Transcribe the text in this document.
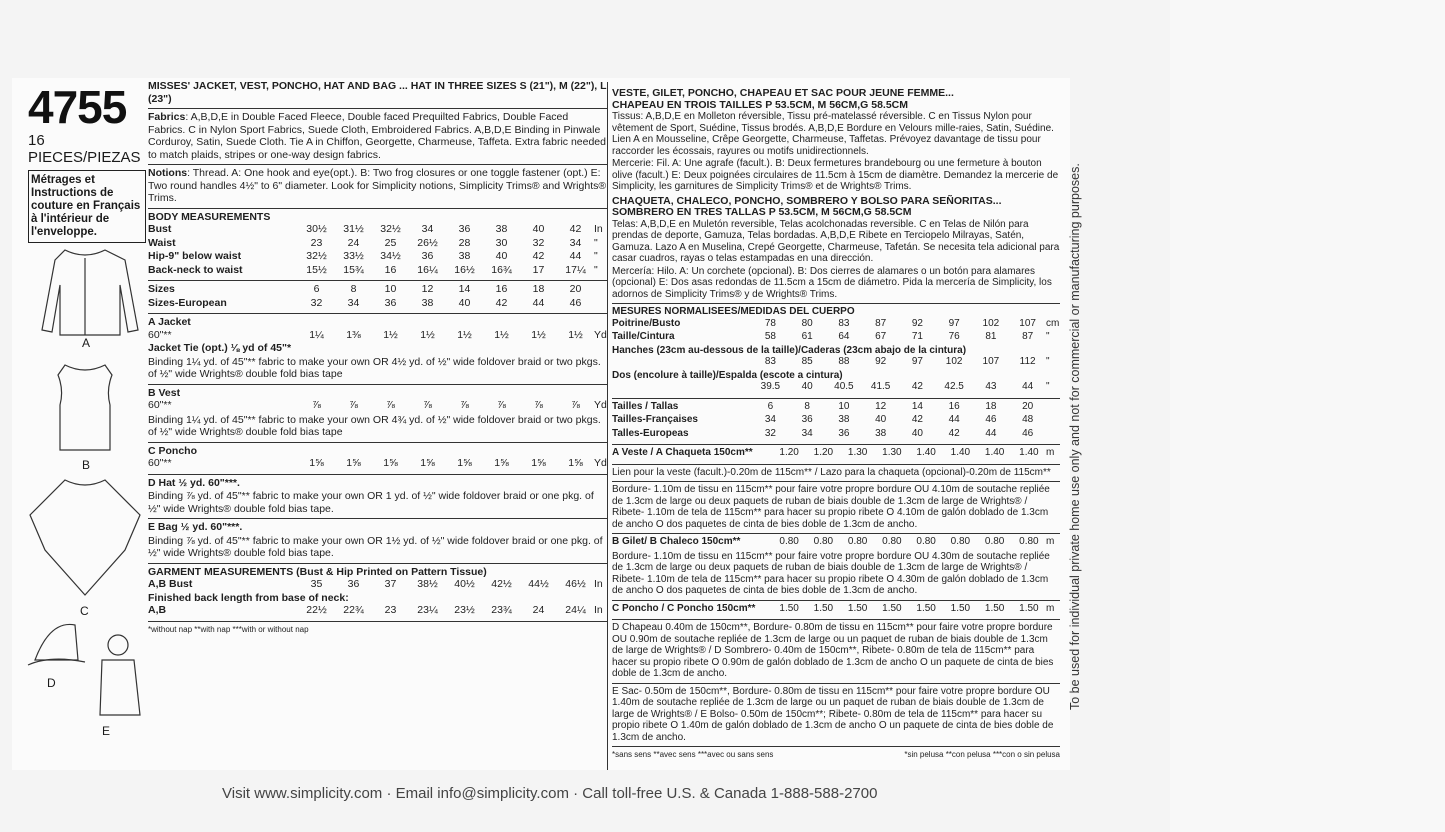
4755
16 PIECES/PIEZAS
Métrages et Instructions de couture en Français à l'intérieur de l'enveloppe.
A
B
C
D
E
MISSES' JACKET, VEST, PONCHO, HAT AND BAG ... HAT IN THREE SIZES S (21"), M (22"), L (23")
Fabrics: A,B,D,E in Double Faced Fleece, Double faced Prequilted Fabrics, Double Faced Fabrics. C in Nylon Sport Fabrics, Suede Cloth, Embroidered Fabrics. A,B,D,E Binding in Pinwale Corduroy, Satin, Suede Cloth. Tie A in Chiffon, Georgette, Charmeuse, Taffeta. Extra fabric needed to match plaids, stripes or one-way design fabrics.
Notions: Thread. A: One hook and eye(opt.). B: Two frog closures or one toggle fastener (opt.) E: Two round handles 4½" to 6" diameter. Look for Simplicity notions, Simplicity Trims® and Wrights® Trims.
BODY MEASUREMENTS
Bust	30½	31½	32½	34	36	38	40	42	In
Waist	23	24	25	26½	28	30	32	34	"
Hip-9" below waist	32½	33½	34½	36	38	40	42	44	"
Back-neck to waist	15½	15¾	16	16¼	16½	16¾	17	17¼ "
Sizes	6	8	10	12	14	16	18	20
Sizes-European	32	34	36	38	40	42	44	46
A Jacket
60"**	1¼	1⅜	1½	1½	1½	1½	1½	1½	Yd
Jacket Tie (opt.) ⅛ yd of 45"*
Binding 1¼ yd. of 45"** fabric to make your own OR 4½ yd. of ½" wide foldover braid or two pkgs. of ½" wide Wrights® double fold bias tape
B Vest
60"**	⅞	⅞	⅞	⅞	⅞	⅞	⅞	⅞	Yd
Binding 1¼ yd. of 45"** fabric to make your own OR 4¾ yd. of ½" wide foldover braid or two pkgs. of ½" wide Wrights® double fold bias tape
C Poncho
60"**	1⅝	1⅝	1⅝	1⅝	1⅝	1⅝	1⅝	1⅝	Yd
D Hat ½ yd. 60"***.
Binding ⅞ yd. of 45"** fabric to make your own OR 1 yd. of ½" wide foldover braid or one pkg. of ½" wide Wrights® double fold bias tape.
E Bag ½ yd. 60"***.
Binding ⅞ yd. of 45"** fabric to make your own OR 1½ yd. of ½" wide foldover braid or one pkg. of ½" wide Wrights® double fold bias tape.
GARMENT MEASUREMENTS (Bust & Hip Printed on Pattern Tissue)
A,B Bust	35	36	37	38½	40½	42½	44½	46½ In
Finished back length from base of neck:
A,B	22½	22¾	23	23¼	23½	23¾	24	24¼ In
*without nap **with nap ***with or without nap
VESTE, GILET, PONCHO, CHAPEAU ET SAC POUR JEUNE FEMME...
CHAPEAU EN TROIS TAILLES P 53.5CM, M 56CM,G 58.5CM
Tissus: A,B,D,E en Molleton réversible, Tissu pré-matelassé réversible. C en Tissus Nylon pour vêtement de Sport, Suédine, Tissus brodés. A,B,D,E Bordure en Velours mille-raies, Satin, Suédine. Lien A en Mousseline, Crêpe Georgette, Charmeuse, Taffetas. Prévoyez davantage de tissu pour raccorder les écossais, rayures ou motifs unidirectionnels.
Mercerie: Fil. A: Une agrafe (facult.). B: Deux fermetures brandebourg ou une fermeture à bouton olive (facult.) E: Deux poignées circulaires de 11.5cm à 15cm de diamètre. Demandez la mercerie de Simplicity, les garnitures de Simplicity Trims® et de Wrights® Trims.
CHAQUETA, CHALECO, PONCHO, SOMBRERO Y BOLSO PARA SEÑORITAS...
SOMBRERO EN TRES TALLAS P 53.5CM, M 56CM,G 58.5CM
Telas: A,B,D,E en Muletón reversible, Telas acolchonadas reversible. C en Telas de Nilón para prendas de deporte, Gamuza, Telas bordadas. A,B,D,E Ribete en Terciopelo Milrayas, Satén, Gamuza. Lazo A en Muselina, Crepé Georgette, Charmeuse, Tafetán. Se necesita tela adicional para casar cuadros, rayas o telas estampadas en una dirección.
Mercería: Hilo. A: Un corchete (opcional). B: Dos cierres de alamares o un botón para alamares (opcional) E: Dos asas redondas de 11.5cm a 15cm de diámetro. Pida la mercería de Simplicity, los adornos de Simplicity Trims® y de Wrights® Trims.
MESURES NORMALISEES/MEDIDAS DEL CUERPO
Poitrine/Busto	78	80	83	87	92	97	102	107	cm
Taille/Cintura	58	61	64	67	71	76	81	87	"
Hanches (23cm au-dessous de la taille)/Caderas (23cm abajo de la cintura)
83	85	88	92	97	102	107	112	"
Dos (encolure à taille)/Espalda (escote a cintura)
39.5	40	40.5	41.5	42	42.5	43	44	"
Tailles / Tallas	6	8	10	12	14	16	18	20
Tailles-Françaises	34	36	38	40	42	44	46	48
Talles-Europeas	32	34	36	38	40	42	44	46
A Veste / A Chaqueta 150cm**	1.20	1.20	1.30	1.30	1.40	1.40	1.40	1.40 m
Lien pour la veste (facult.)-0.20m de 115cm** / Lazo para la chaqueta (opcional)-0.20m de 115cm**
Bordure- 1.10m de tissu en 115cm** pour faire votre propre bordure OU 4.10m de soutache repliée de 1.3cm de large ou deux paquets de ruban de biais double de 1.3cm de large de Wrights® / Ribete- 1.10m de tela de 115cm** para hacer su propio ribete O 4.10m de galón doblado de 1.3cm de ancho O dos paquetes de cinta de bies doble de 1.3cm de ancho.
B Gilet/ B Chaleco 150cm**	0.80	0.80	0.80	0.80	0.80	0.80	0.80	0.80 m
Bordure- 1.10m de tissu en 115cm** pour faire votre propre bordure OU 4.30m de soutache repliée de 1.3cm de large ou deux paquets de ruban de biais double de 1.3cm de large de Wrights® / Ribete- 1.10m de tela de 115cm** para hacer su propio ribete O 4.30m de galón doblado de 1.3cm de ancho O dos paquetes de cinta de bies doble de 1.3cm de ancho.
C Poncho / C Poncho 150cm**	1.50	1.50	1.50	1.50	1.50	1.50	1.50	1.50 m
D Chapeau 0.40m de 150cm**, Bordure- 0.80m de tissu en 115cm** pour faire votre propre bordure OU 0.90m de soutache repliée de 1.3cm de large ou un paquet de ruban de biais double de 1.3cm de large de Wrights® / D Sombrero- 0.40m de 150cm**, Ribete- 0.80m de tela de 115cm** para hacer su propio ribete O 0.90m de galón doblado de 1.3cm de ancho O un paquete de cinta de bies doble de 1.3cm de ancho.
E Sac- 0.50m de 150cm**, Bordure- 0.80m de tissu en 115cm** pour faire votre propre bordure OU 1.40m de soutache repliée de 1.3cm de large ou un paquet de ruban de biais double de 1.3cm de large de Wrights® / E Bolso- 0.50m de 150cm**; Ribete- 0.80m de tela de 115cm** para hacer su propio ribete O 1.40m de galón doblado de 1.3cm de ancho O un paquete de cinta de bies doble de 1.3cm de ancho.
*sans sens **avec sens ***avec ou sans sens	*sin pelusa **con pelusa ***con o sin pelusa
Visit www.simplicity.com · Email info@simplicity.com · Call toll-free U.S. & Canada 1-888-588-2700
To be used for individual private home use only and not for commercial or manufacturing purposes.
